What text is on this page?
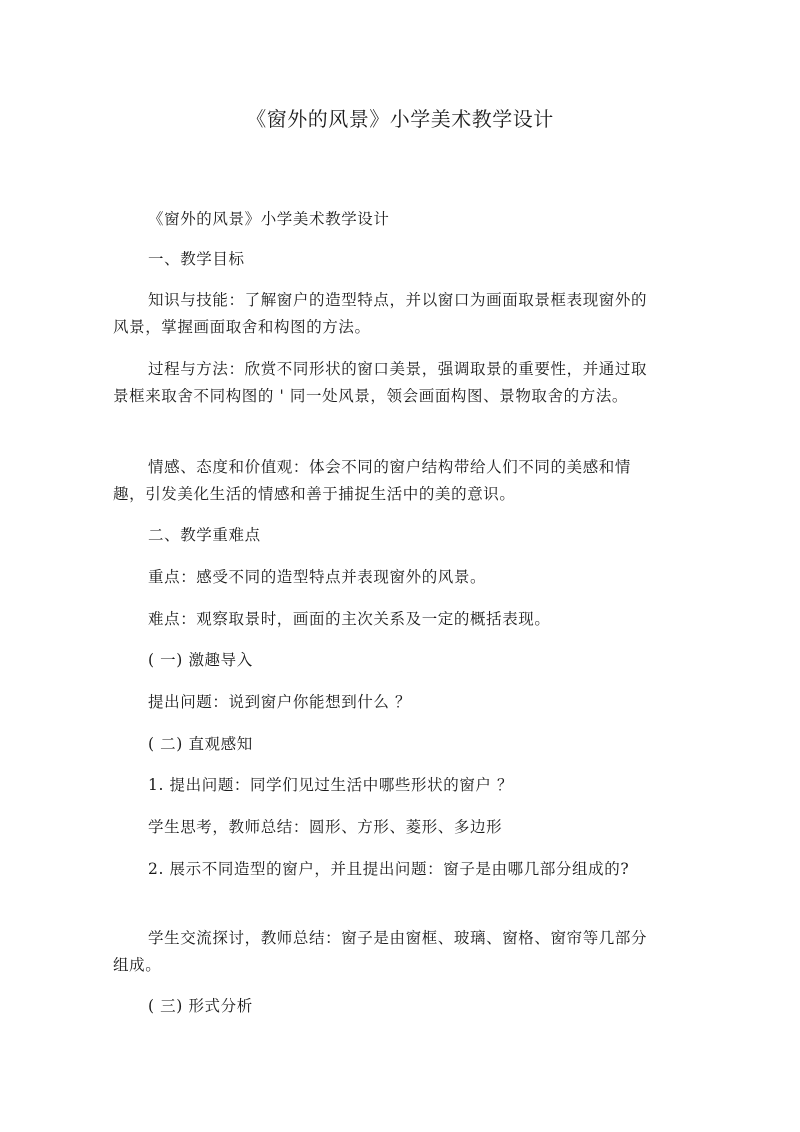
《窗外的风景》小学美术教学设计
《窗外的风景》小学美术教学设计
一、教学目标
知识与技能：了解窗户的造型特点，并以窗口为画面取景框表现窗外的风景，掌握画面取舍和构图的方法。
过程与方法：欣赏不同形状的窗口美景，强调取景的重要性，并通过取景框来取舍不同构图的 ' 同一处风景，领会画面构图、景物取舍的方法。
情感、态度和价值观：体会不同的窗户结构带给人们不同的美感和情趣，引发美化生活的情感和善于捕捉生活中的美的意识。
二、教学重难点
重点：感受不同的造型特点并表现窗外的风景。
难点：观察取景时，画面的主次关系及一定的概括表现。
( 一) 激趣导入
提出问题：说到窗户你能想到什么 ？
( 二) 直观感知
1. 提出问题：同学们见过生活中哪些形状的窗户 ？
学生思考，教师总结：圆形、方形、菱形、多边形
2. 展示不同造型的窗户，并且提出问题：窗子是由哪几部分组成的?
学生交流探讨，教师总结：窗子是由窗框、玻璃、窗格、窗帘等几部分组成。
( 三) 形式分析
